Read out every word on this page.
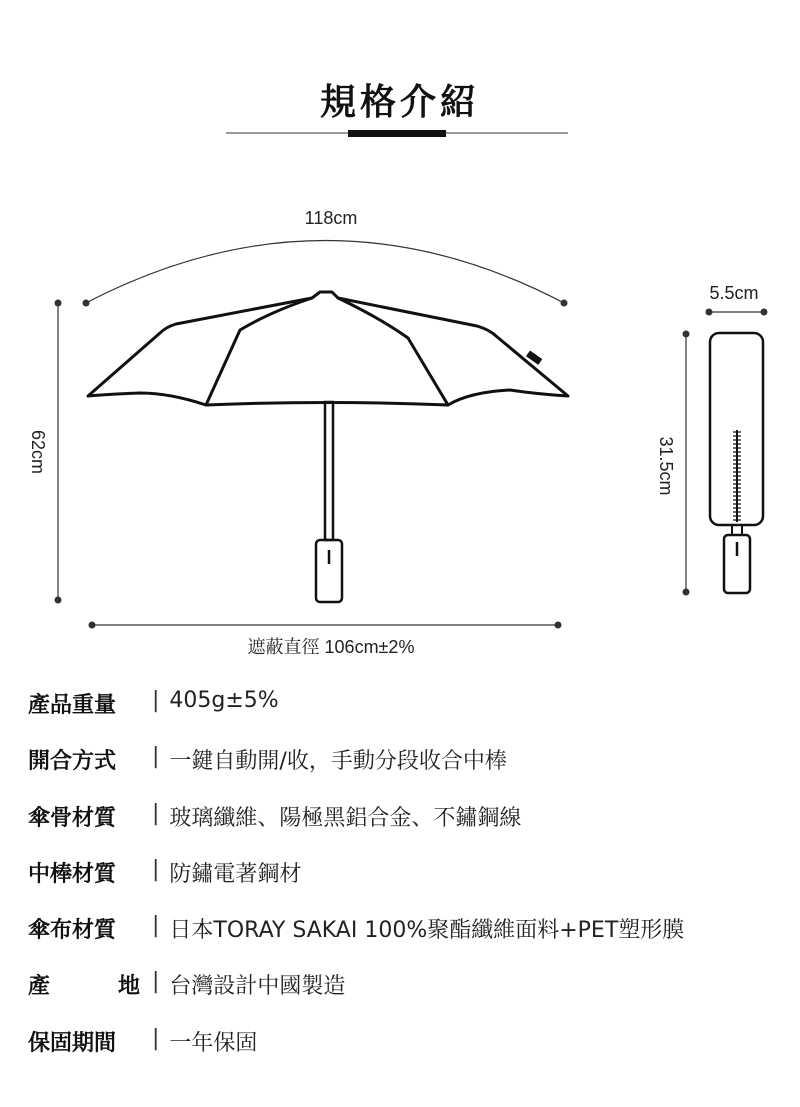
規格介紹
118cm
62cm
遮蔽直徑 106cm±2%
5.5cm
31.5cm
產品重量	| 405g±5%
開合方式	| 一鍵自動開/收，手動分段收合中棒
傘骨材質	| 玻璃纖維、陽極黑鋁合金、不鏽鋼線
中棒材質	| 防鏽電著鋼材
傘布材質	| 日本TORAY SAKAI 100%聚酯纖維面料+PET塑形膜
產	地 | 台灣設計中國製造
保固期間	| 一年保固
